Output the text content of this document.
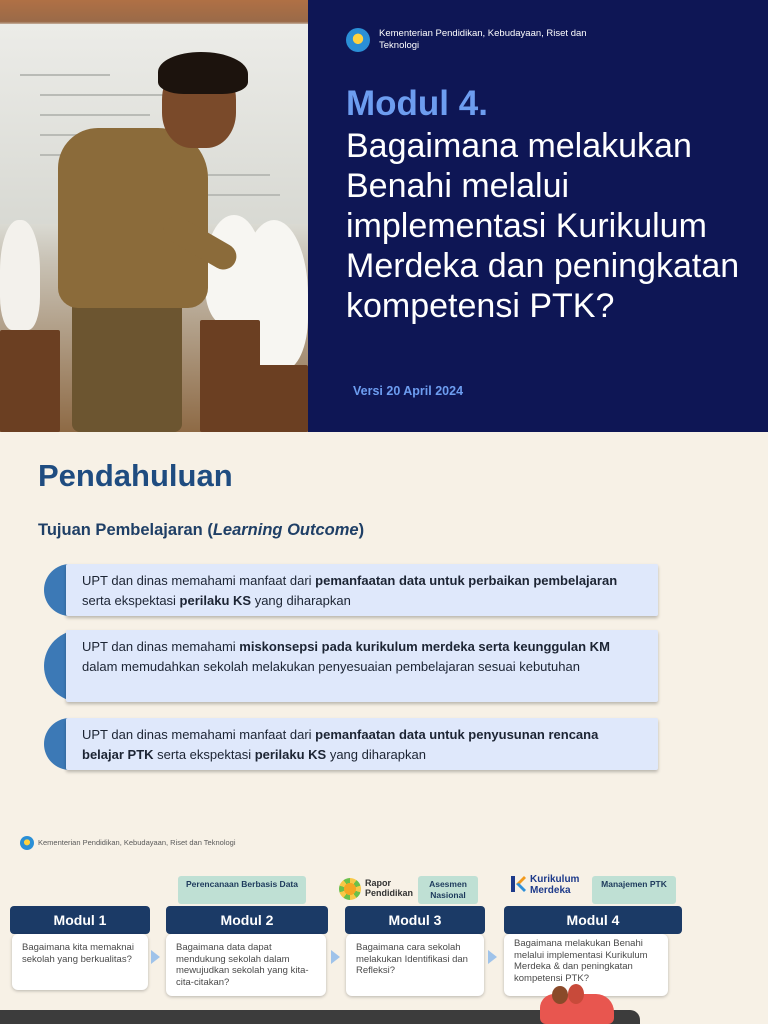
Kementerian Pendidikan, Kebudayaan, Riset dan Teknologi
Modul 4.
Bagaimana melakukan Benahi melalui implementasi Kurikulum Merdeka dan peningkatan kompetensi PTK?
Versi 20 April 2024
Pendahuluan
Tujuan Pembelajaran (Learning Outcome)
UPT dan dinas memahami manfaat dari pemanfaatan data untuk perbaikan pembelajaran serta ekspektasi perilaku KS yang diharapkan
UPT dan dinas memahami miskonsepsi pada kurikulum merdeka serta keunggulan KM dalam memudahkan sekolah melakukan penyesuaian pembelajaran sesuai kebutuhan
UPT dan dinas memahami manfaat dari pemanfaatan data untuk penyusunan rencana belajar PTK serta ekspektasi perilaku KS yang diharapkan
Kementerian Pendidikan, Kebudayaan, Riset dan Teknologi
Perencanaan Berbasis Data	Rapor Pendidikan
Asesmen Nasional
Kurikulum Merdeka
Manajemen PTK
Modul 1
Bagaimana kita memaknai sekolah yang berkualitas?
Modul 2
Bagaimana data dapat mendukung sekolah dalam mewujudkan sekolah yang kita-cita-citakan?
Modul 3
Bagaimana cara sekolah melakukan Identifikasi dan Refleksi?
Modul 4
Bagaimana melakukan Benahi melalui implementasi Kurikulum Merdeka & dan peningkatan kompetensi PTK?
